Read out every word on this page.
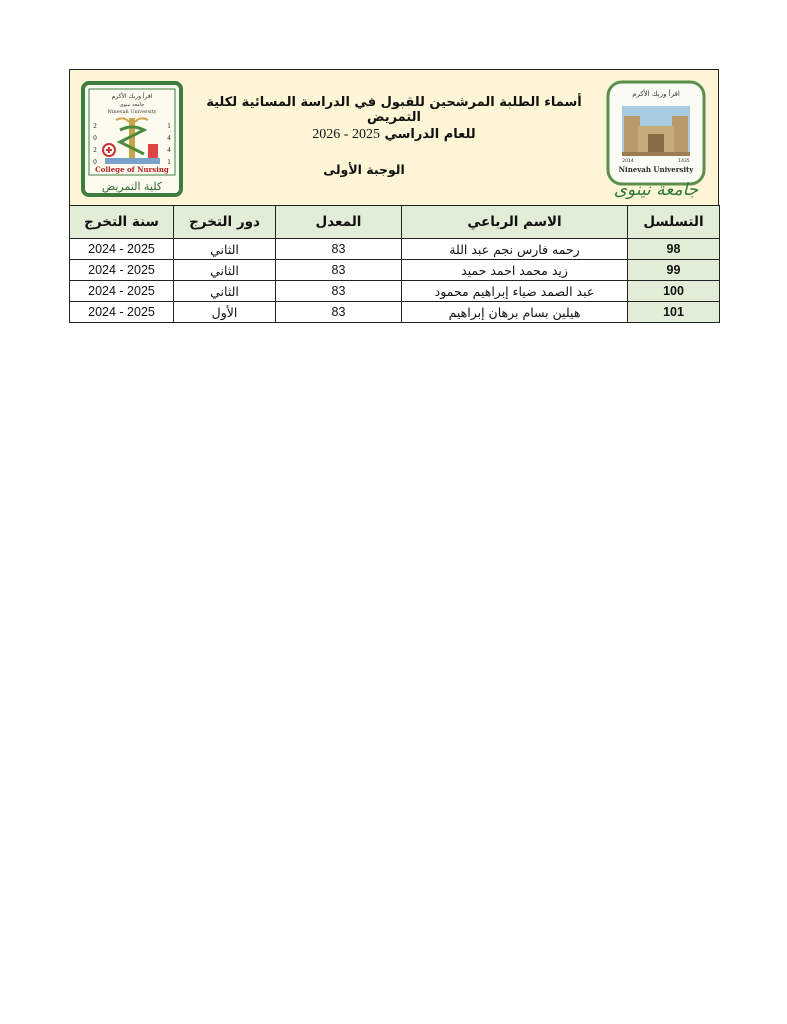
اقرأ وربك الأكرم
2014	1435
Ninevah University
جامعة نينوى
أسماء الطلبة المرشحين للقبول في الدراسة المسائية لكلية التمريض
للعام الدراسي 2025 - 2026
الوجبة الأولى
اقرأ وربك الأكرم
جامعة نينوى
Ninevah University
2
0
2
0
1
4
4
1
College of Nursing
كلية التمريض
التسلسل	الاسم الرباعي	المعدل	دور التخرج	سنة التخرج
98	رحمه فارس نجم عبد اللة	83	الثاني	2024 - 2025
99	زيد محمد احمد حميد	83	الثاني	2024 - 2025
100	عبد الصمد ضياء إبراهيم محمود	83	الثاني	2024 - 2025
101	هيلين بسام برهان إبراهيم	83	الأول	2024 - 2025
